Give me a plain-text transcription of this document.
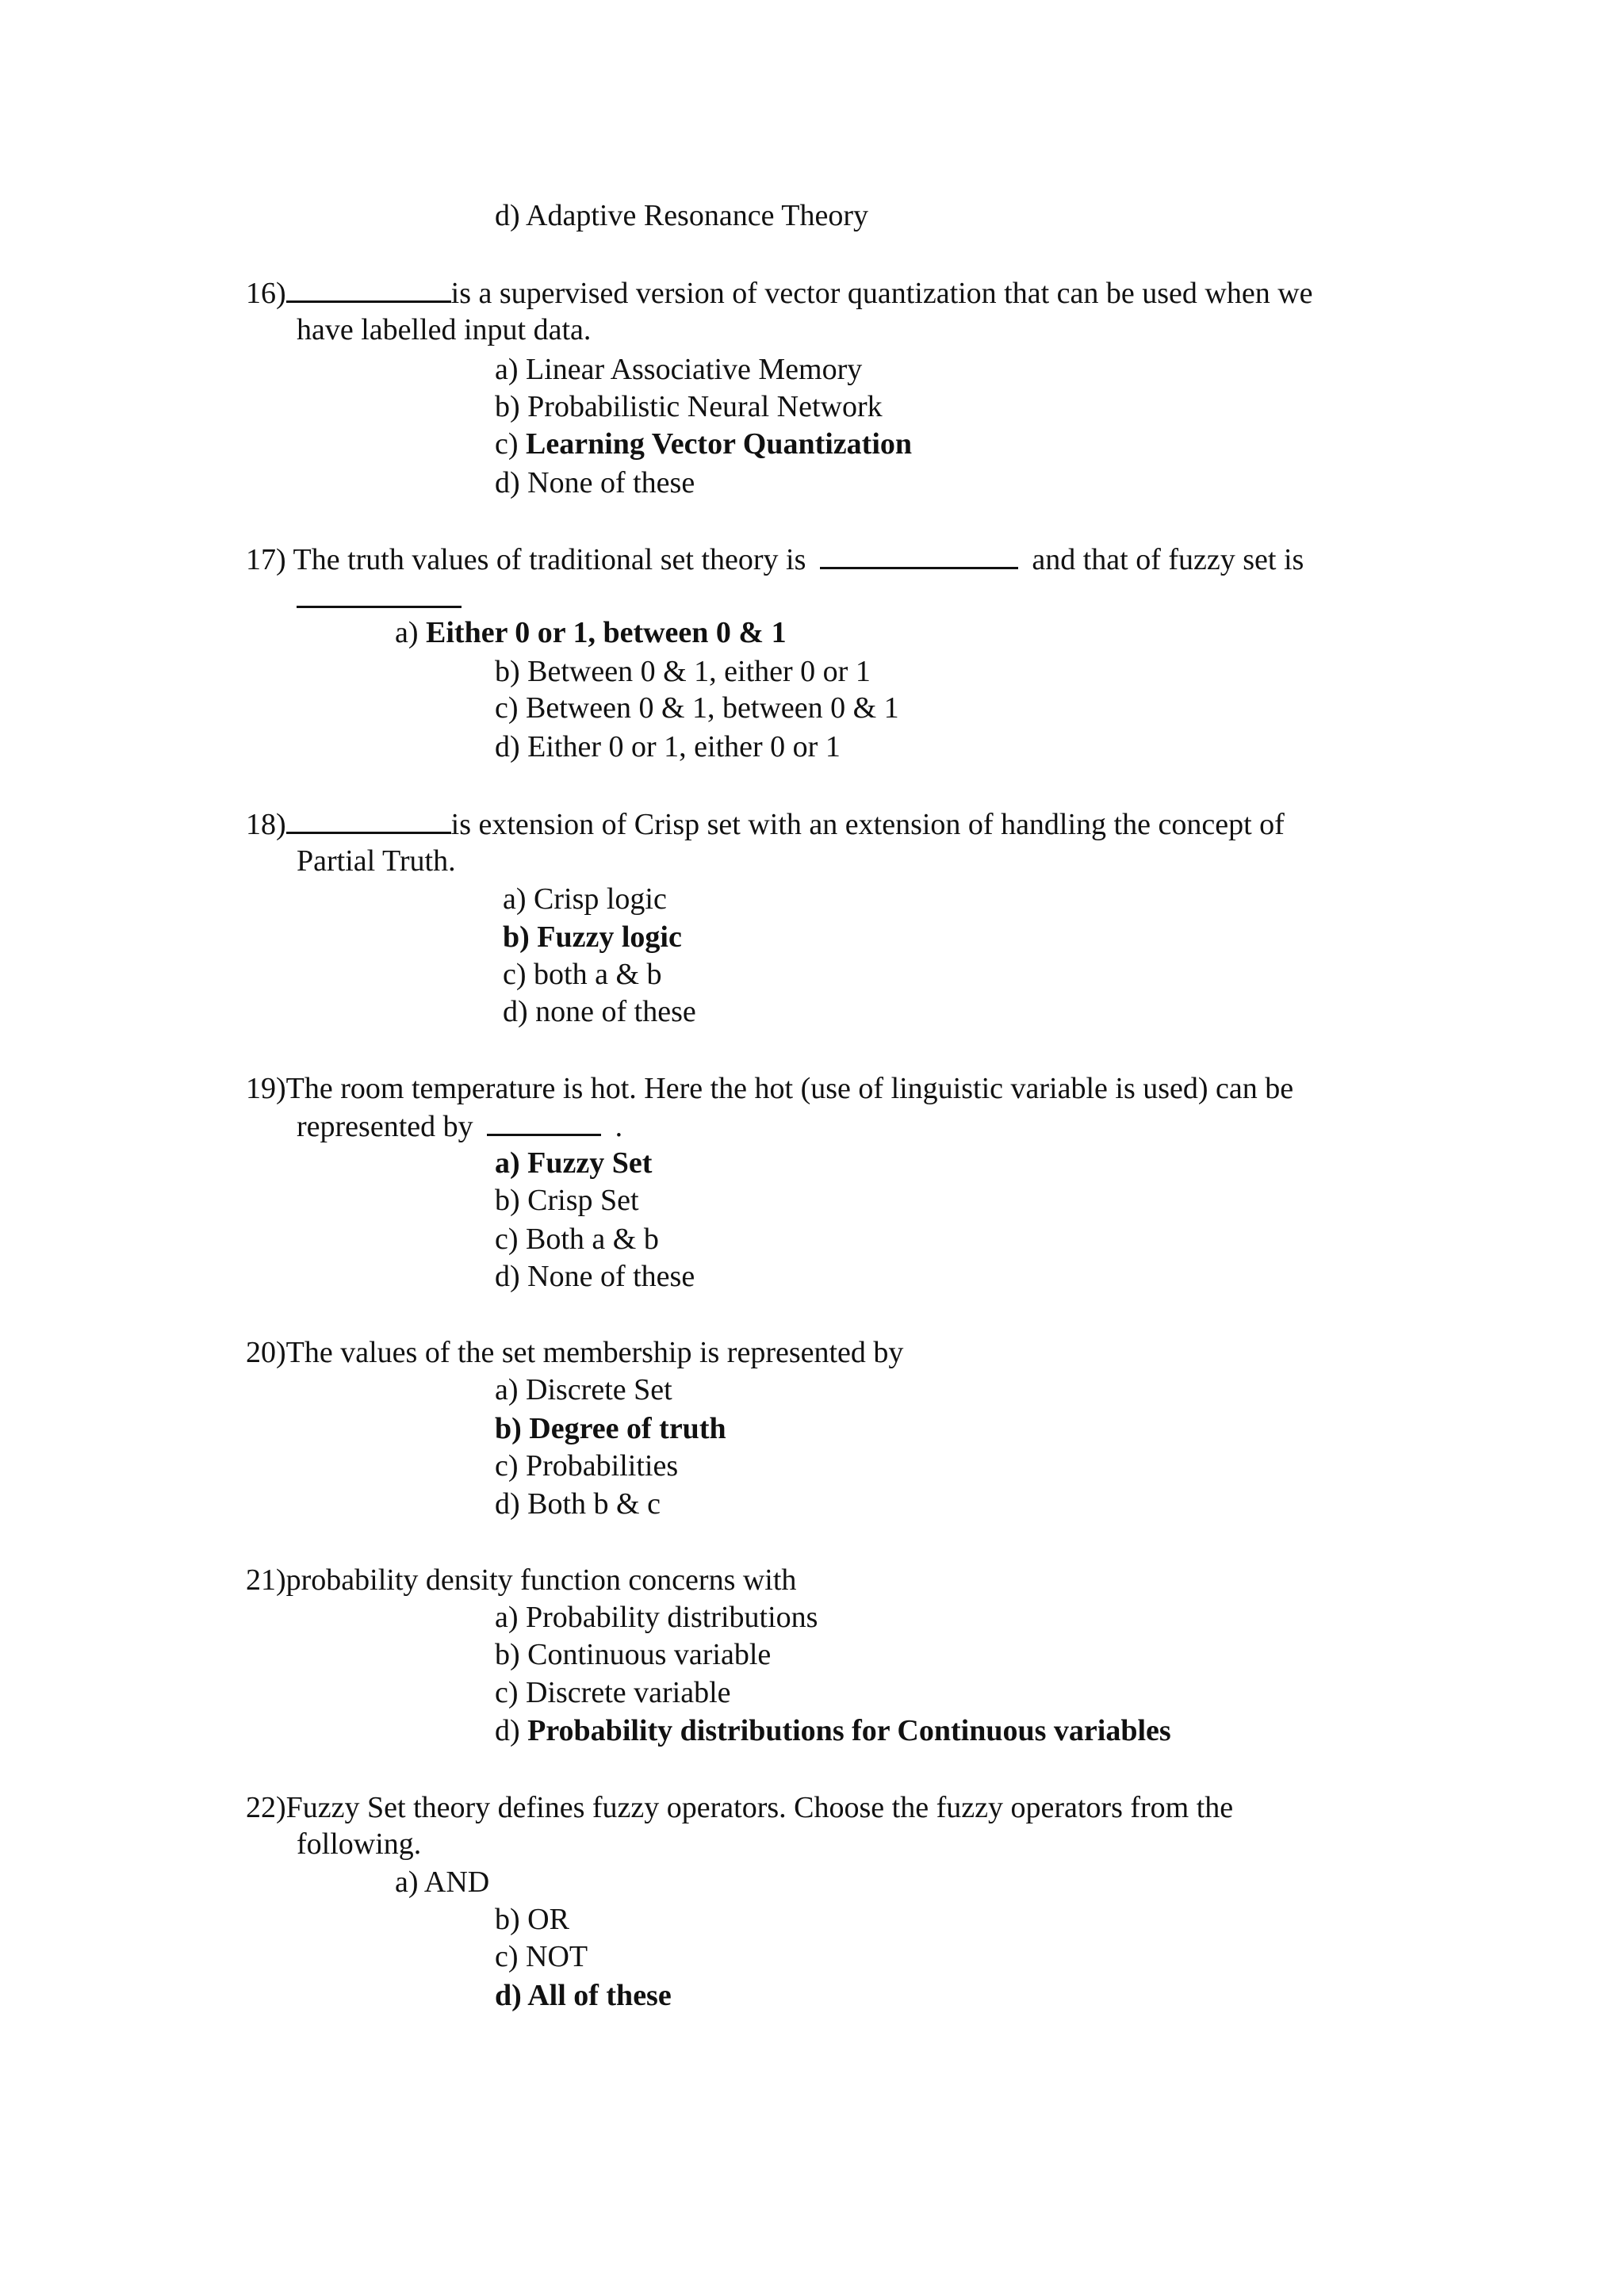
d) Adaptive Resonance Theory
16)	is a supervised version of vector quantization that can be used when we
have labelled input data.
a) Linear Associative Memory
b) Probabilistic Neural Network
c) Learning Vector Quantization
d) None of these
17) The truth values of traditional set theory is	and that of fuzzy set is
a) Either 0 or 1, between 0 & 1
b) Between 0 & 1, either 0 or 1
c) Between 0 & 1, between 0 & 1
d) Either 0 or 1, either 0 or 1
18)	is extension of Crisp set with an extension of handling the concept of
Partial Truth.
a) Crisp logic
b) Fuzzy logic
c) both a & b
d) none of these
19)The room temperature is hot. Here the hot (use of linguistic variable is used) can be
represented by	.
a) Fuzzy Set
b) Crisp Set
c) Both a & b
d) None of these
20)The values of the set membership is represented by
a) Discrete Set
b) Degree of truth
c) Probabilities
d) Both b & c
21)probability density function concerns with
a) Probability distributions
b) Continuous variable
c) Discrete variable
d) Probability distributions for Continuous variables
22)Fuzzy Set theory defines fuzzy operators. Choose the fuzzy operators from the
following.
a) AND
b) OR
c) NOT
d) All of these
